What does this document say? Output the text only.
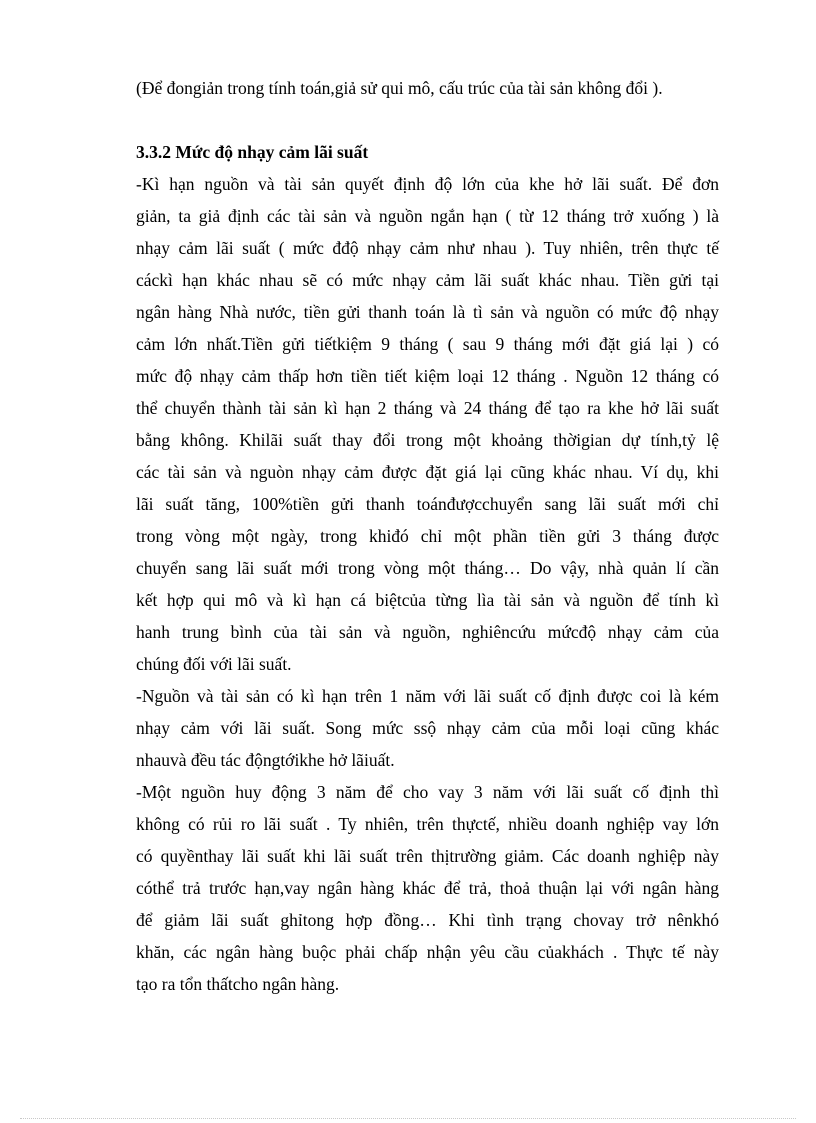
(Để đongiản trong tính toán,giả sử qui mô, cấu trúc của tài sản không đổi ).
3.3.2 Mức độ nhạy cảm lãi suất
-Kì hạn nguồn và tài sản quyết định độ lớn của khe hở lãi suất. Để đơn
giản, ta giả định các tài sản và nguồn ngắn hạn ( từ 12 tháng trở xuống ) là
nhạy cảm lãi suất ( mức đđộ nhạy cảm như nhau ). Tuy nhiên, trên thực tế
cáckì hạn khác nhau sẽ có mức nhạy cảm lãi suất khác nhau. Tiền gửi tại
ngân hàng Nhà nước, tiền gửi thanh toán là tì sản và nguồn có mức độ nhạy
cảm lớn nhất.Tiền gửi tiếtkiệm 9 tháng ( sau 9 tháng mới đặt giá lại ) có
mức độ nhạy cảm thấp hơn tiền tiết kiệm loại 12 tháng . Nguồn 12 tháng có
thể chuyển thành tài sản kì hạn 2 tháng và 24 tháng để tạo ra khe hở lãi suất
bằng không. Khilãi suất thay đổi trong một khoảng thờigian dự tính,tỷ lệ
các tài sản và nguòn nhạy cảm được đặt giá lại cũng khác nhau. Ví dụ, khi
lãi suất tăng, 100%tiền gửi thanh toánđượcchuyển sang lãi suất mới chỉ
trong vòng một ngày, trong khiđó chỉ một phần tiền gửi 3 tháng được
chuyển sang lãi suất mới trong vòng một tháng… Do vậy, nhà quản lí cần
kết hợp qui mô và kì hạn cá biệtcủa từng lìa tài sản và nguồn để tính kì
hanh trung bình của tài sản và nguồn, nghiêncứu mứcđộ nhạy cảm của
chúng đối với lãi suất.
-Nguồn và tài sản có kì hạn trên 1 năm với lãi suất cố định được coi là kém
nhạy cảm với lãi suất. Song mức ssộ nhạy cảm của mỗi loại cũng khác
nhauvà đều tác độngtớikhe hở lãiuất.
-Một nguồn huy động 3 năm để cho vay 3 năm với lãi suất cố định thì
không có rủi ro lãi suất . Ty nhiên, trên thựctế, nhiều doanh nghiệp vay lớn
có quyềnthay lãi suất khi lãi suất trên thịtrường giảm. Các doanh nghiệp này
cóthể trả trước hạn,vay ngân hàng khác để trả, thoả thuận lại với ngân hàng
để giảm lãi suất ghỉtong hợp đồng… Khi tình trạng chovay trở nênkhó
khăn, các ngân hàng buộc phải chấp nhận yêu cầu củakhách . Thực tế này
tạo ra tổn thấtcho ngân hàng.
